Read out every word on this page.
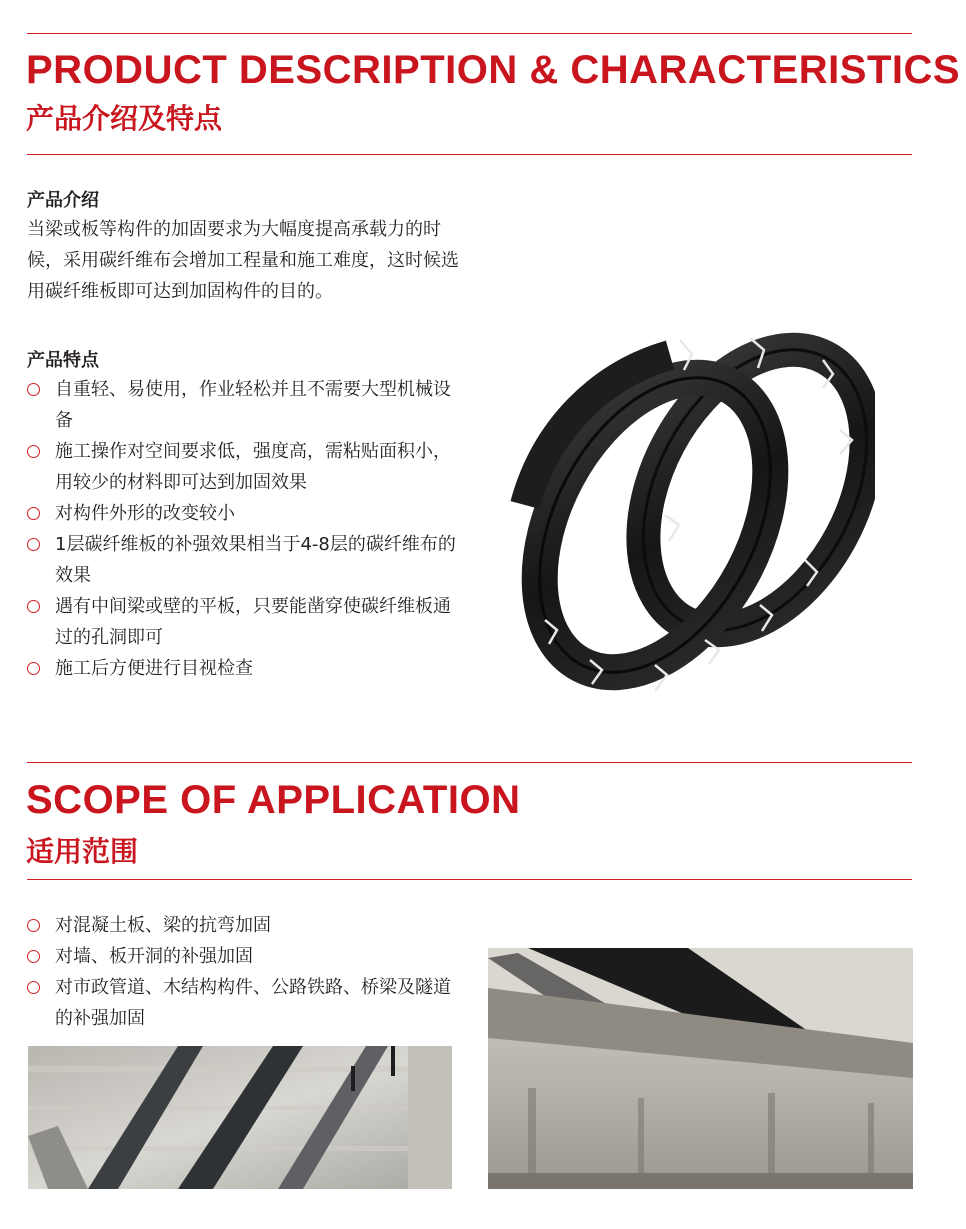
PRODUCT DESCRIPTION & CHARACTERISTICS
产品介绍及特点
产品介绍

当梁或板等构件的加固要求为大幅度提高承载力的时候，采用碳纤维布会增加工程量和施工难度，这时候选用碳纤维板即可达到加固构件的目的。

产品特点
自重轻、易使用，作业轻松并且不需要大型机械设备
施工操作对空间要求低，强度高，需粘贴面积小，用较少的材料即可达到加固效果
对构件外形的改变较小
1层碳纤维板的补强效果相当于4-8层的碳纤维布的效果
遇有中间梁或壁的平板，只要能凿穿使碳纤维板通过的孔洞即可
施工后方便进行目视检查
SCOPE OF APPLICATION
适用范围
对混凝土板、梁的抗弯加固
对墙、板开洞的补强加固
对市政管道、木结构构件、公路铁路、桥梁及隧道的补强加固
